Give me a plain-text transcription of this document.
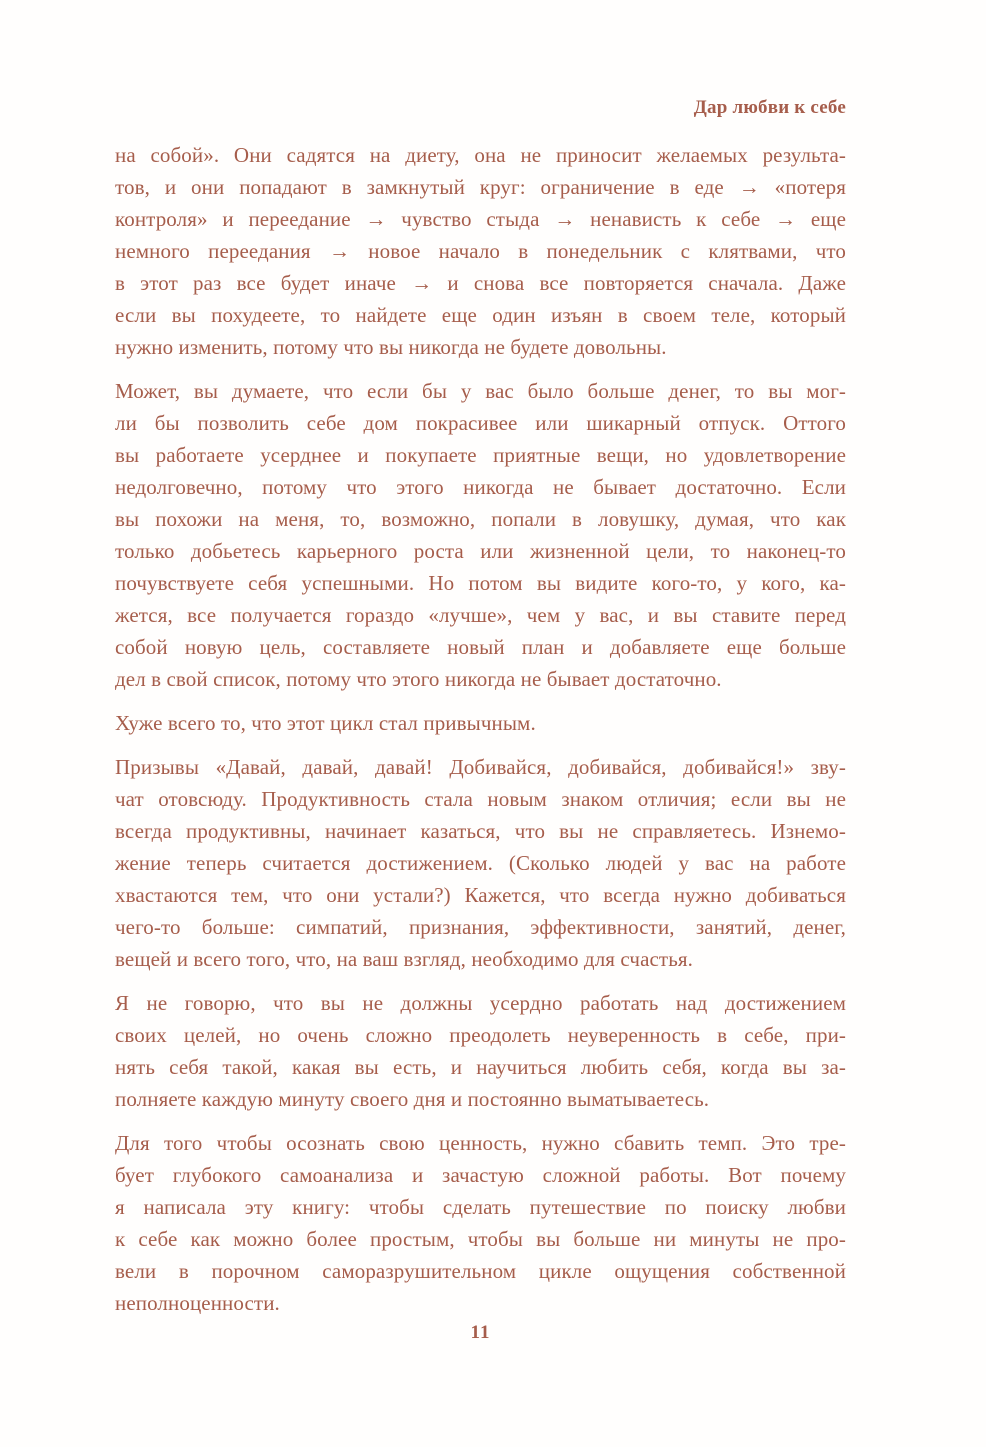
Дар любви к себе
на собой». Они садятся на диету, она не приносит желаемых результа-
тов, и они попадают в замкнутый круг: ограничение в еде → «потеря
контроля» и переедание → чувство стыда → ненависть к себе → еще
немного переедания → новое начало в понедельник с клятвами, что
в этот раз все будет иначе → и снова все повторяется сначала. Даже
если вы похудеете, то найдете еще один изъян в своем теле, который
нужно изменить, потому что вы никогда не будете довольны.
Может, вы думаете, что если бы у вас было больше денег, то вы мог-
ли бы позволить себе дом покрасивее или шикарный отпуск. Оттого
вы работаете усерднее и покупаете приятные вещи, но удовлетворение
недолговечно, потому что этого никогда не бывает достаточно. Если
вы похожи на меня, то, возможно, попали в ловушку, думая, что как
только добьетесь карьерного роста или жизненной цели, то наконец-то
почувствуете себя успешными. Но потом вы видите кого-то, у кого, ка-
жется, все получается гораздо «лучше», чем у вас, и вы ставите перед
собой новую цель, составляете новый план и добавляете еще больше
дел в свой список, потому что этого никогда не бывает достаточно.
Хуже всего то, что этот цикл стал привычным.
Призывы «Давай, давай, давай! Добивайся, добивайся, добивайся!» зву-
чат отовсюду. Продуктивность стала новым знаком отличия; если вы не
всегда продуктивны, начинает казаться, что вы не справляетесь. Изнемо-
жение теперь считается достижением. (Сколько людей у вас на работе
хвастаются тем, что они устали?) Кажется, что всегда нужно добиваться
чего-то больше: симпатий, признания, эффективности, занятий, денег,
вещей и всего того, что, на ваш взгляд, необходимо для счастья.
Я не говорю, что вы не должны усердно работать над достижением
своих целей, но очень сложно преодолеть неуверенность в себе, при-
нять себя такой, какая вы есть, и научиться любить себя, когда вы за-
полняете каждую минуту своего дня и постоянно выматываетесь.
Для того чтобы осознать свою ценность, нужно сбавить темп. Это тре-
бует глубокого самоанализа и зачастую сложной работы. Вот почему
я написала эту книгу: чтобы сделать путешествие по поиску любви
к себе как можно более простым, чтобы вы больше ни минуты не про-
вели в порочном саморазрушительном цикле ощущения собственной
неполноценности.
11
